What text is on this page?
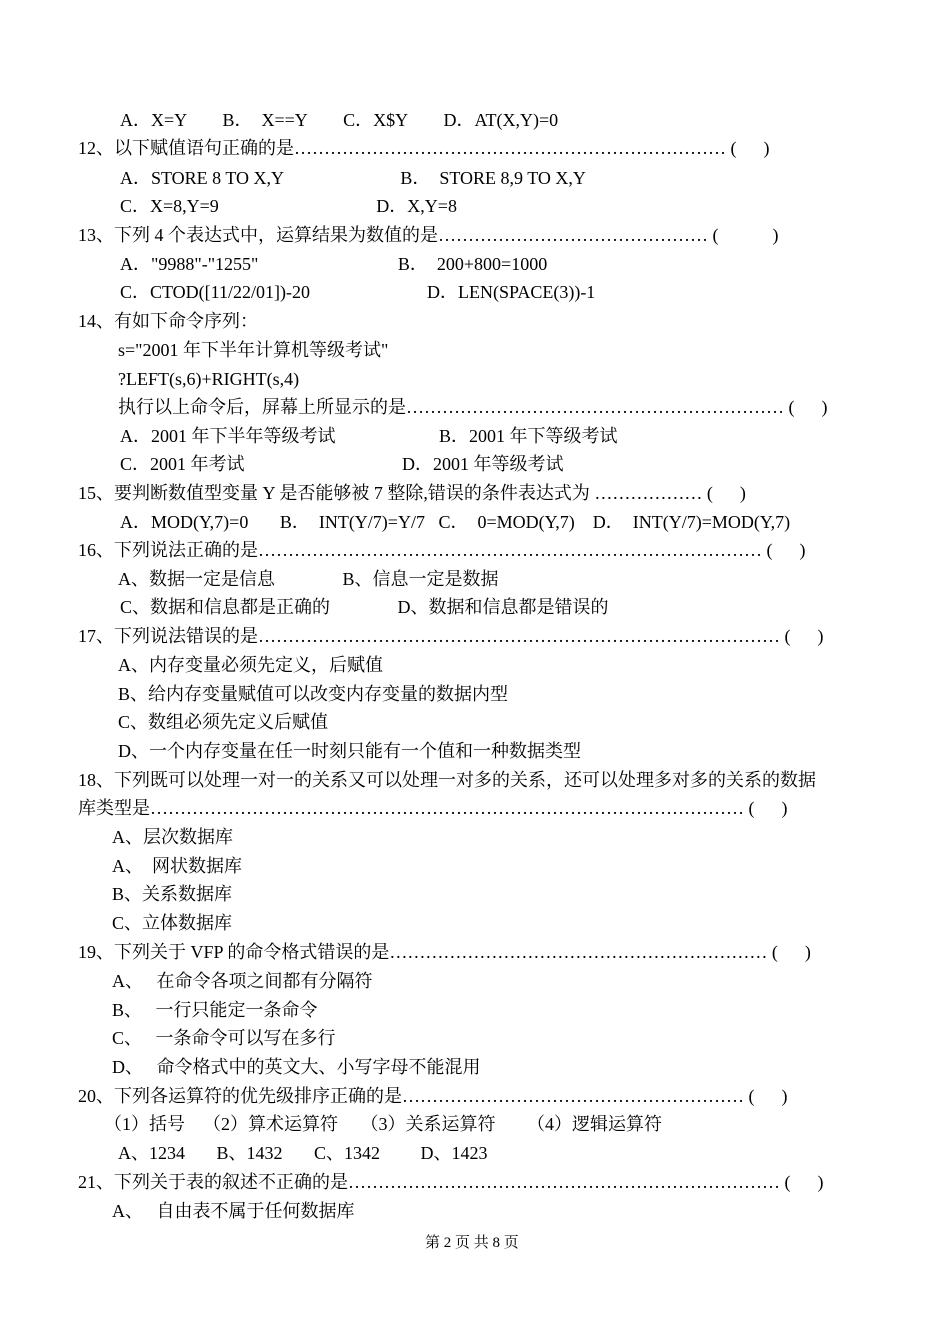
A．X=Y        B．  X==Y        C．X$Y        D．AT(X,Y)=0
12、以下赋值语句正确的是……………………………………………………………… (      )
A．STORE 8 TO X,Y                          B．  STORE 8,9 TO X,Y
C．X=8,Y=9                                   D．X,Y=8
13、下列 4 个表达式中，运算结果为数值的是……………………………………… (            )
A．"9988"-"1255"                               B．  200+800=1000
C．CTOD([11/22/01])-20                          D．LEN(SPACE(3))-1
14、有如下命令序列：
s="2001 年下半年计算机等级考试"
?LEFT(s,6)+RIGHT(s,4)
执行以上命令后，屏幕上所显示的是……………………………………………………… (      )
A．2001 年下半年等级考试                       B．2001 年下等级考试
C．2001 年考试                                   D．2001 年等级考试
15、要判断数值型变量 Y 是否能够被 7 整除,错误的条件表达式为 ……………… (      )
A．MOD(Y,7)=0       B．  INT(Y/7)=Y/7   C．  0=MOD(Y,7)    D．  INT(Y/7)=MOD(Y,7)
16、下列说法正确的是………………………………………………………………………… (      )
A、数据一定是信息               B、信息一定是数据
C、数据和信息都是正确的               D、数据和信息都是错误的
17、下列说法错误的是…………………………………………………………………………… (      )
A、内存变量必须先定义，后赋值
B、给内存变量赋值可以改变内存变量的数据内型
C、数组必须先定义后赋值
D、一个内存变量在任一时刻只能有一个值和一种数据类型
18、下列既可以处理一对一的关系又可以处理一对多的关系，还可以处理多对多的关系的数据
库类型是……………………………………………………………………………………… (      )
A、层次数据库
A、  网状数据库
B、关系数据库
C、立体数据库
19、下列关于 VFP 的命令格式错误的是……………………………………………………… (      )
A、   在命令各项之间都有分隔符
B、   一行只能定一条命令
C、   一条命令可以写在多行
D、   命令格式中的英文大、小写字母不能混用
20、下列各运算符的优先级排序正确的是………………………………………………… (      )
（1）括号    （2）算术运算符     （3）关系运算符       （4）逻辑运算符
A、1234       B、1432       C、1342         D、1423
21、下列关于表的叙述不正确的是……………………………………………………………… (      )
A、   自由表不属于任何数据库
第 2 页 共 8 页
